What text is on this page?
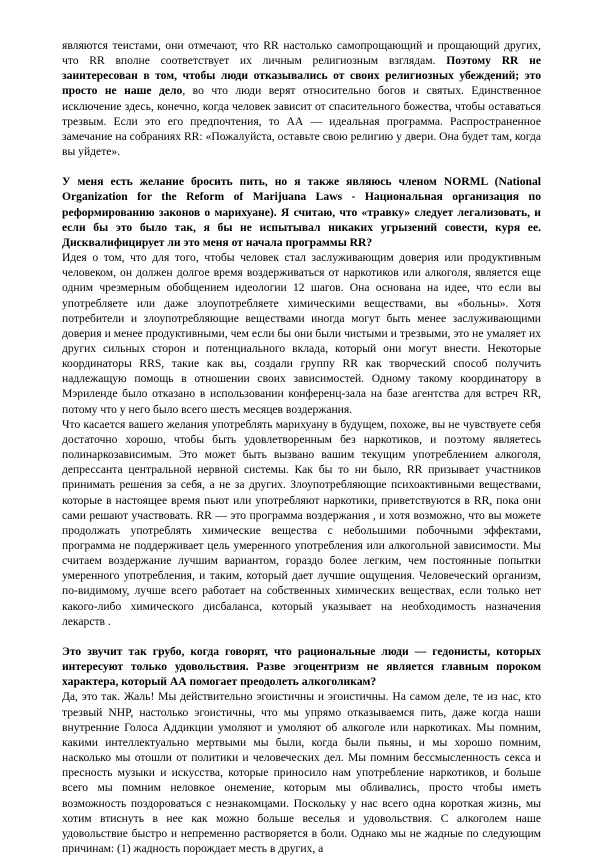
являются теистами, они отмечают, что RR настолько самопрощающий и прощающий других, что RR вполне соответствует их личным религиозным взглядам. Поэтому RR не заинтересован в том, чтобы люди отказывались от своих религиозных убеждений; это просто не наше дело, во что люди верят относительно богов и святых. Единственное исключение здесь, конечно, когда человек зависит от спасительного божества, чтобы оставаться трезвым. Если это его предпочтения, то АА — идеальная программа. Распространенное замечание на собраниях RR: «Пожалуйста, оставьте свою религию у двери. Она будет там, когда вы уйдете».

У меня есть желание бросить пить, но я также являюсь членом NORML (National Organization for the Reform of Marijuana Laws - Национальная организация по реформированию законов о марихуане). Я считаю, что «травку» следует легализовать, и если бы это было так, я бы не испытывал никаких угрызений совести, куря ее. Дисквалифицирует ли это меня от начала программы RR?

Идея о том, что для того, чтобы человек стал заслуживающим доверия или продуктивным человеком, он должен долгое время воздерживаться от наркотиков или алкоголя, является еще одним чрезмерным обобщением идеологии 12 шагов. Она основана на идее, что если вы употребляете или даже злоупотребляете химическими веществами, вы «больны». Хотя потребители и злоупотребляющие веществами иногда могут быть менее заслуживающими доверия и менее продуктивными, чем если бы они были чистыми и трезвыми, это не умаляет их других сильных сторон и потенциального вклада, который они могут внести. Некоторые координаторы RRS, такие как вы, создали группу RR как творческий способ получить надлежащую помощь в отношении своих зависимостей. Одному такому координатору в Мэриленде было отказано в использовании конференц-зала на базе агентства для встреч RR, потому что у него было всего шесть месяцев воздержания.

Что касается вашего желания употреблять марихуану в будущем, похоже, вы не чувствуете себя достаточно хорошо, чтобы быть удовлетворенным без наркотиков, и поэтому являетесь полинаркозависимым. Это может быть вызвано вашим текущим употреблением алкоголя, депрессанта центральной нервной системы. Как бы то ни было, RR призывает участников принимать решения за себя, а не за других. Злоупотребляющие психоактивными веществами, которые в настоящее время пьют или употребляют наркотики, приветствуются в RR, пока они сами решают участвовать. RR — это программа воздержания , и хотя возможно, что вы можете продолжать употреблять химические вещества с небольшими побочными эффектами, программа не поддерживает цель умеренного употребления или алкогольной зависимости. Мы считаем воздержание лучшим вариантом, гораздо более легким, чем постоянные попытки умеренного употребления, и таким, который дает лучшие ощущения. Человеческий организм, по-видимому, лучше всего работает на собственных химических веществах, если только нет какого-либо химического дисбаланса, который указывает на необходимость назначения лекарств .

Это звучит так грубо, когда говорят, что рациональные люди — гедонисты, которых интересуют только удовольствия. Разве эгоцентризм не является главным пороком характера, который АА помогает преодолеть алкоголикам?

Да, это так. Жаль! Мы действительно эгоистичны и эгоистичны. На самом деле, те из нас, кто трезвый NHP, настолько эгоистичны, что мы упрямо отказываемся пить, даже когда наши внутренние Голоса Аддикции умоляют и умоляют об алкоголе или наркотиках. Мы помним, какими интеллектуально мертвыми мы были, когда были пьяны, и мы хорошо помним, насколько мы отошли от политики и человеческих дел. Мы помним бессмысленность секса и пресность музыки и искусства, которые приносило нам употребление наркотиков, и больше всего мы помним неловкое онемение, которым мы обливались, просто чтобы иметь возможность поздороваться с незнакомцами. Поскольку у нас всего одна короткая жизнь, мы хотим втиснуть в нее как можно больше веселья и удовольствия. С алкоголем наше удовольствие быстро и непременно растворяется в боли. Однако мы не жадные по следующим причинам: (1) жадность порождает месть в других, а
